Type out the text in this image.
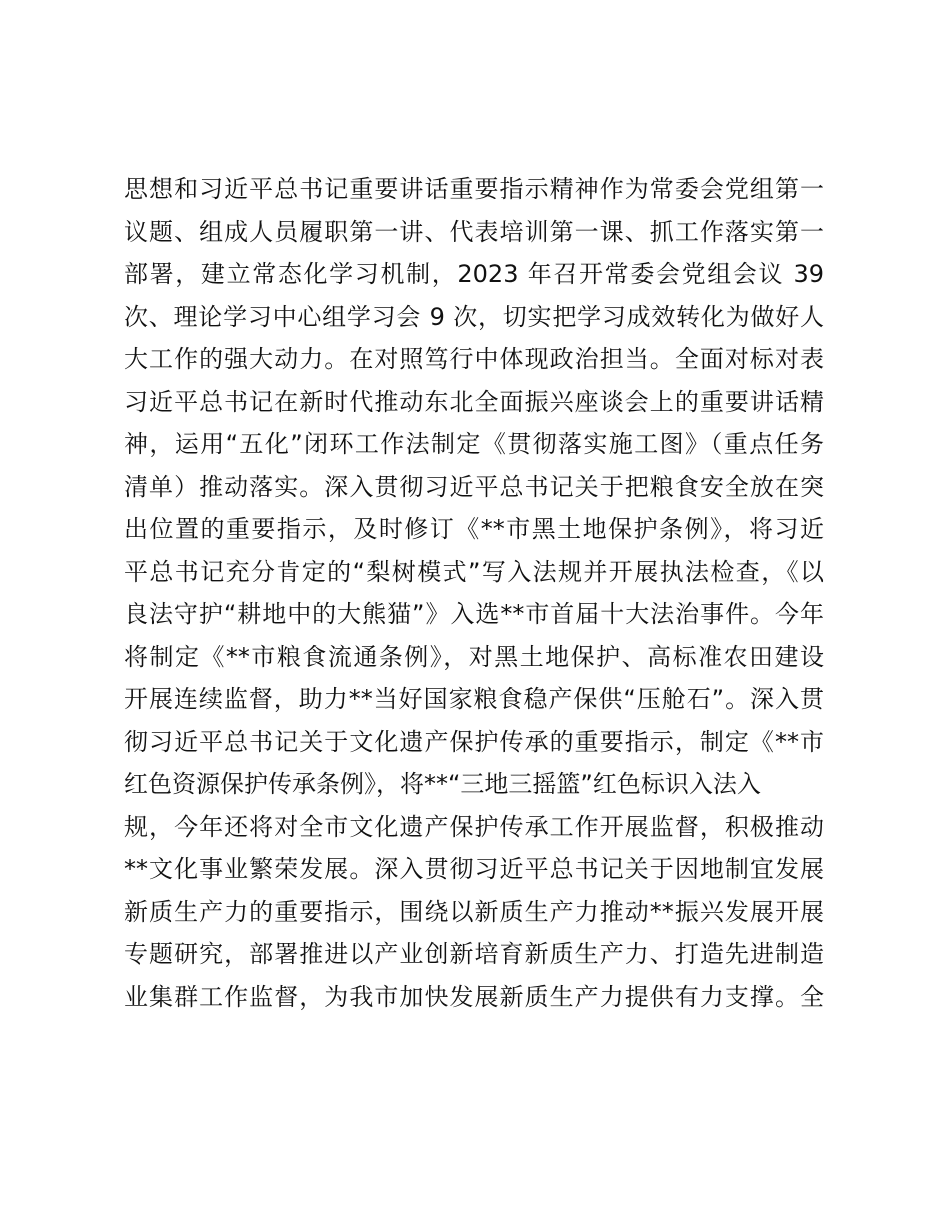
思想和习近平总书记重要讲话重要指示精神作为常委会党组第一
议题、组成人员履职第一讲、代表培训第一课、抓工作落实第一
部署，建立常态化学习机制，2023 年召开常委会党组会议 39
次、理论学习中心组学习会 9 次，切实把学习成效转化为做好人
大工作的强大动力。在对照笃行中体现政治担当。全面对标对表
习近平总书记在新时代推动东北全面振兴座谈会上的重要讲话精
神，运用“五化”闭环工作法制定《贯彻落实施工图》（重点任务
清单）推动落实。深入贯彻习近平总书记关于把粮食安全放在突
出位置的重要指示，及时修订《**市黑土地保护条例》，将习近
平总书记充分肯定的“梨树模式”写入法规并开展执法检查，《以
良法守护“耕地中的大熊猫”》入选**市首届十大法治事件。今年
将制定《**市粮食流通条例》，对黑土地保护、高标准农田建设
开展连续监督，助力**当好国家粮食稳产保供“压舱石”。深入贯
彻习近平总书记关于文化遗产保护传承的重要指示，制定《**市
红色资源保护传承条例》，将**“三地三摇篮”红色标识入法入
规，今年还将对全市文化遗产保护传承工作开展监督，积极推动
**文化事业繁荣发展。深入贯彻习近平总书记关于因地制宜发展
新质生产力的重要指示，围绕以新质生产力推动**振兴发展开展
专题研究，部署推进以产业创新培育新质生产力、打造先进制造
业集群工作监督，为我市加快发展新质生产力提供有力支撑。全
